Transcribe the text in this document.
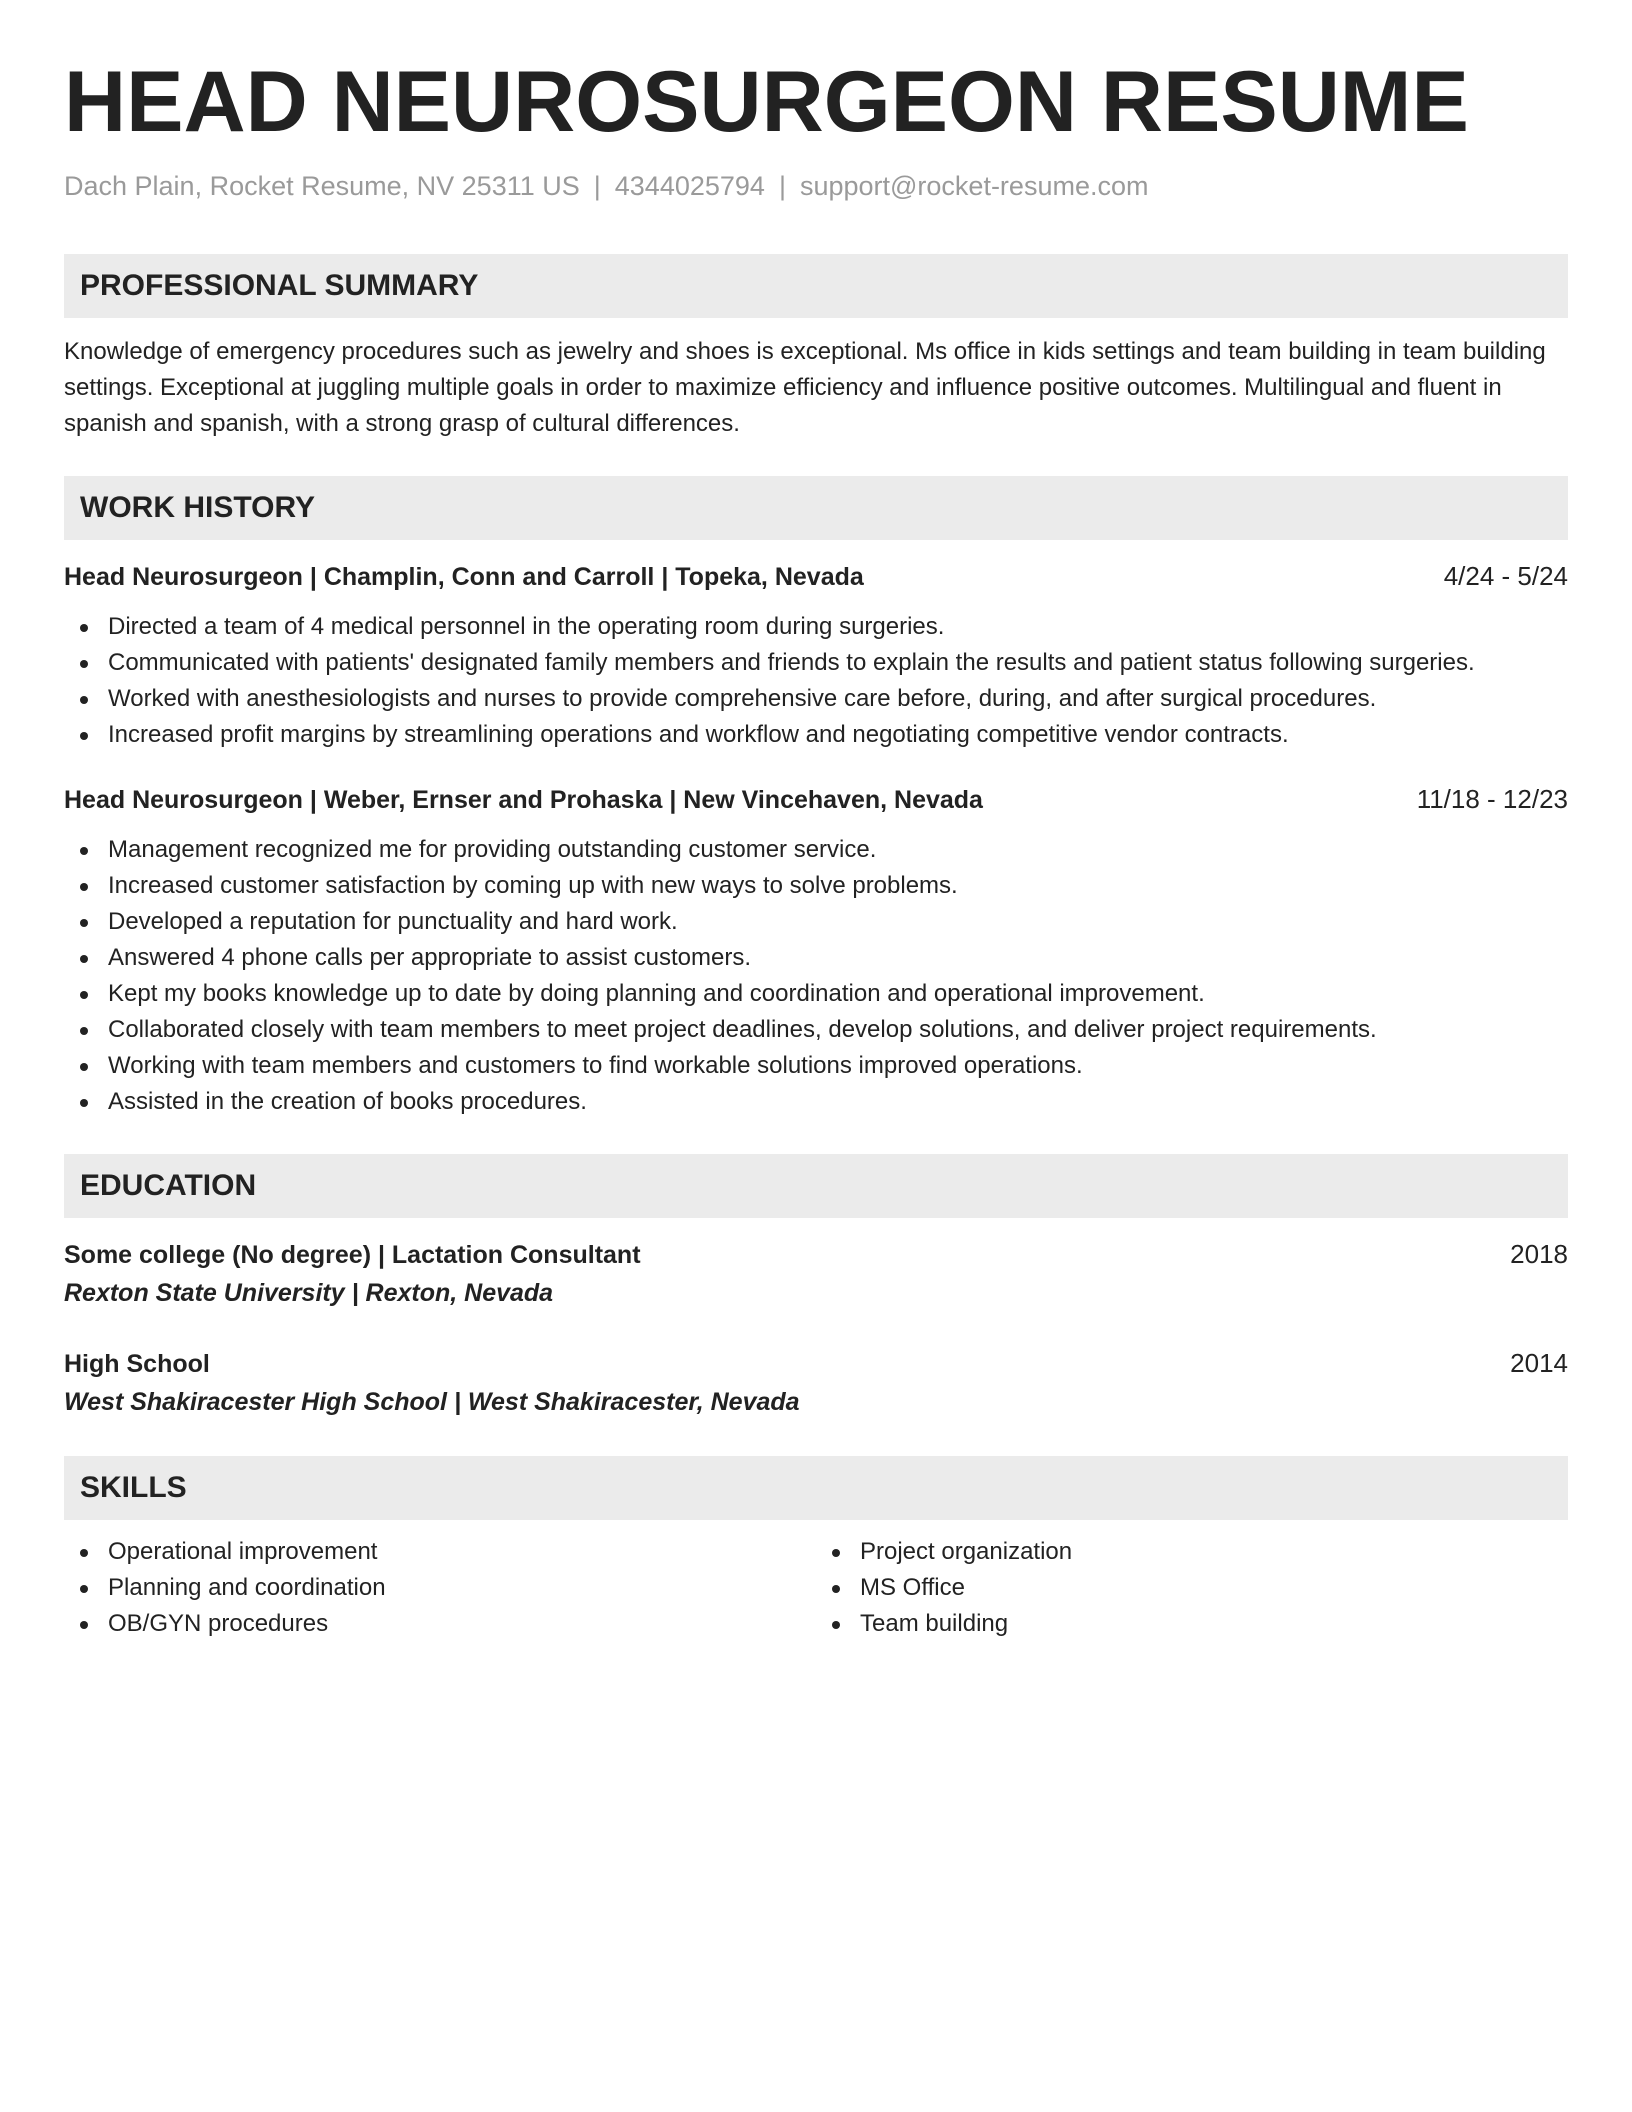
HEAD NEUROSURGEON RESUME
Dach Plain, Rocket Resume, NV 25311 US | 4344025794 | support@rocket-resume.com
PROFESSIONAL SUMMARY
Knowledge of emergency procedures such as jewelry and shoes is exceptional. Ms office in kids settings and team building in team building settings. Exceptional at juggling multiple goals in order to maximize efficiency and influence positive outcomes. Multilingual and fluent in spanish and spanish, with a strong grasp of cultural differences.
WORK HISTORY
Head Neurosurgeon | Champlin, Conn and Carroll | Topeka, Nevada	4/24 - 5/24
Directed a team of 4 medical personnel in the operating room during surgeries.
Communicated with patients' designated family members and friends to explain the results and patient status following surgeries.
Worked with anesthesiologists and nurses to provide comprehensive care before, during, and after surgical procedures.
Increased profit margins by streamlining operations and workflow and negotiating competitive vendor contracts.
Head Neurosurgeon | Weber, Ernser and Prohaska | New Vincehaven, Nevada	11/18 - 12/23
Management recognized me for providing outstanding customer service.
Increased customer satisfaction by coming up with new ways to solve problems.
Developed a reputation for punctuality and hard work.
Answered 4 phone calls per appropriate to assist customers.
Kept my books knowledge up to date by doing planning and coordination and operational improvement.
Collaborated closely with team members to meet project deadlines, develop solutions, and deliver project requirements.
Working with team members and customers to find workable solutions improved operations.
Assisted in the creation of books procedures.
EDUCATION
Some college (No degree) | Lactation Consultant	2018
Rexton State University | Rexton, Nevada
High School	2014
West Shakiracester High School | West Shakiracester, Nevada
SKILLS
Operational improvement
Planning and coordination
OB/GYN procedures
Project organization
MS Office
Team building
